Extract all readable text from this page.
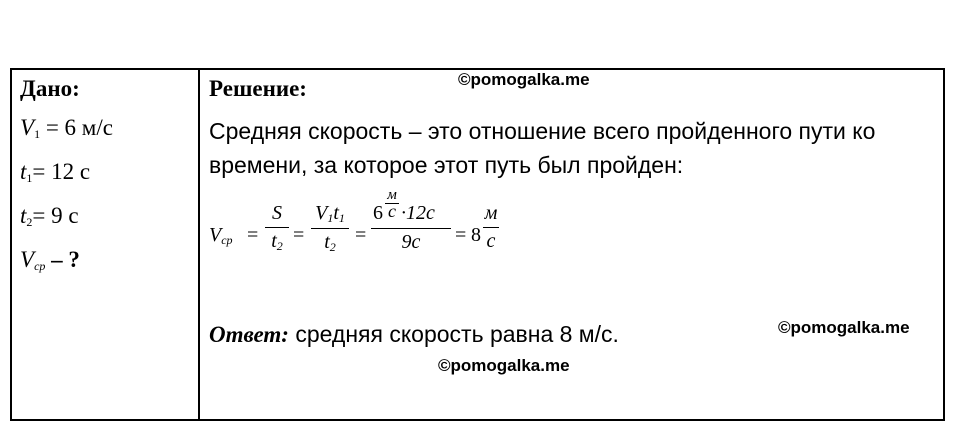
Дано:
$V_1 = 6$ м/с
$t_1= 12$ с
$t_2= 9$ с
$V_{ср}$ – ?
Решение:
Средняя скорость – это отношение всего пройденного пути ко времени, за которое этот путь был пройден:
$V_{ср}$ =
S
$t_2$ =
$V_1t_1$
$t_2$
=
6
м
с ·12с
9с	= 8
м
с
Ответ: средняя скорость равна 8 м/с.
©pomogalka.me
©pomogalka.me
©pomogalka.me
